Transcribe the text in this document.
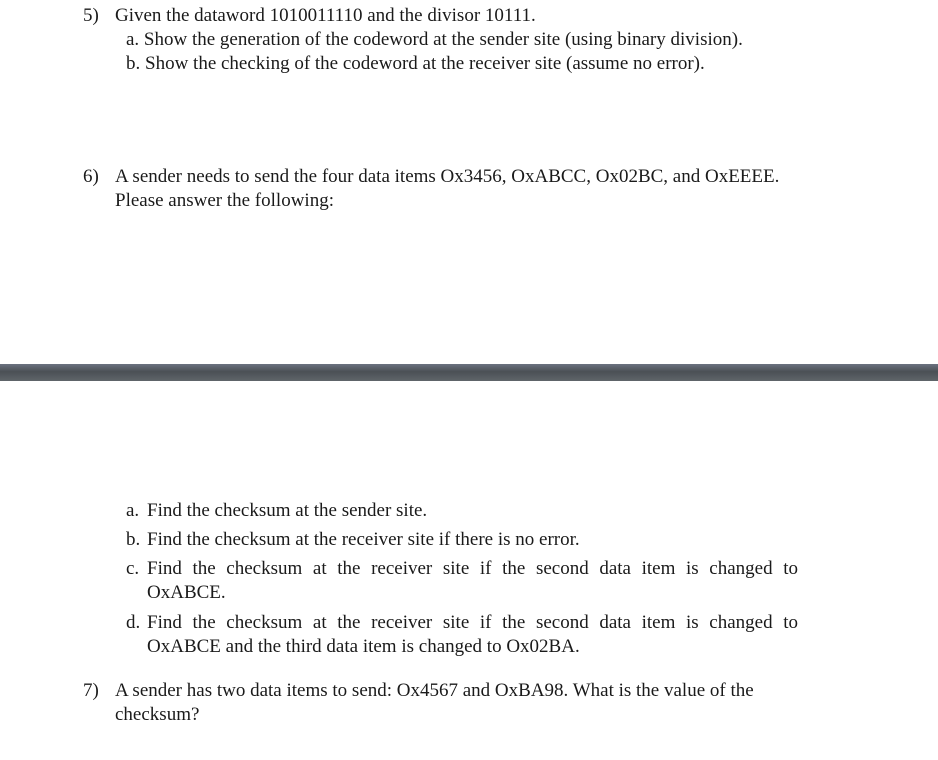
5) Given the dataword 1010011110 and the divisor 10111.
a. Show the generation of the codeword at the sender site (using binary division).
b. Show the checking of the codeword at the receiver site (assume no error).
6) A sender needs to send the four data items Ox3456, OxABCC, Ox02BC, and OxEEEE.
Please answer the following:
a. Find the checksum at the sender site.
b. Find the checksum at the receiver site if there is no error.
c. Find the checksum at the receiver site if the second data item is changed to
OxABCE.
d. Find the checksum at the receiver site if the second data item is changed to
OxABCE and the third data item is changed to Ox02BA.
7) A sender has two data items to send: Ox4567 and OxBA98. What is the value of the
checksum?
